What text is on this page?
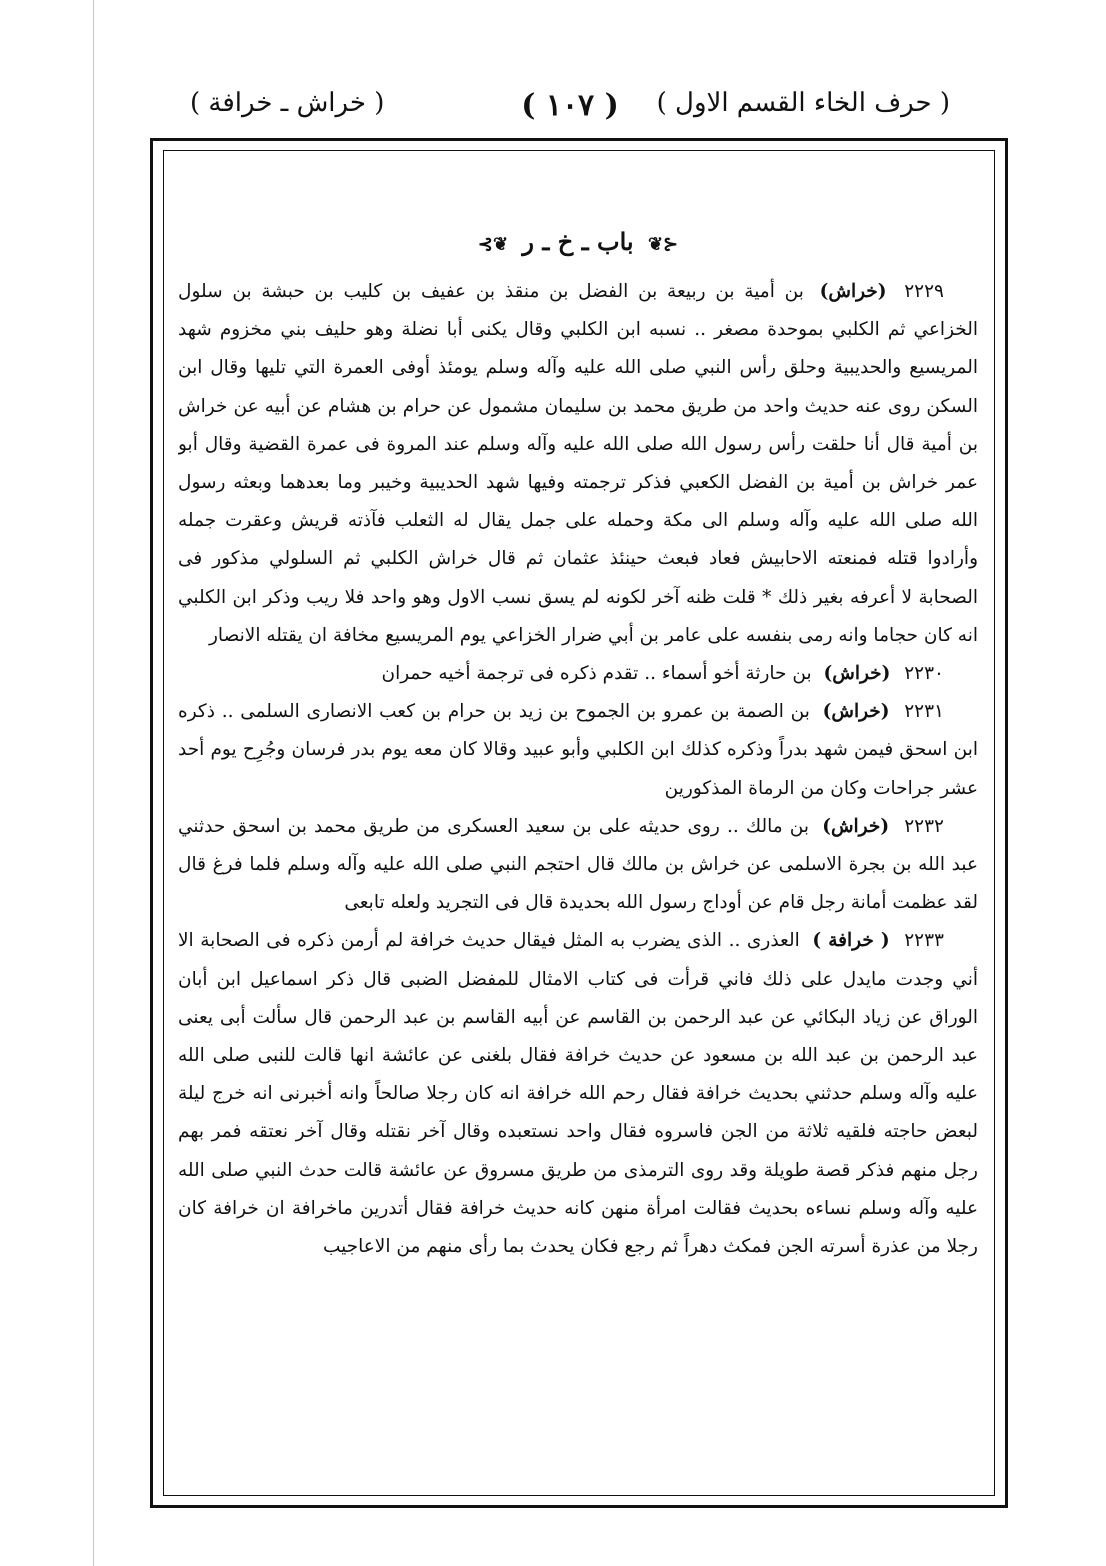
( حرف الخاء القسم الاول )
( ١٠٧ )
( خراش ـ خرافة )
⊰❦ باب ـ خ ـ ر ❦⊱

٢٢٢٩ (خراش) بن أمية بن ربيعة بن الفضل بن منقذ بن عفيف بن كليب بن حبشة بن سلول الخزاعي ثم الكلبي بموحدة مصغر .. نسبه ابن الكلبي وقال يكنى أبا نضلة وهو حليف بني مخزوم شهد المريسيع والحديبية وحلق رأس النبي صلى الله عليه وآله وسلم يومئذ أوفى العمرة التي تليها وقال ابن السكن روى عنه حديث واحد من طريق محمد بن سليمان مشمول عن حرام بن هشام عن أبيه عن خراش بن أمية قال أنا حلقت رأس رسول الله صلى الله عليه وآله وسلم عند المروة فى عمرة القضية وقال أبو عمر خراش بن أمية بن الفضل الكعبي فذكر ترجمته وفيها شهد الحديبية وخيبر وما بعدهما وبعثه رسول الله صلى الله عليه وآله وسلم الى مكة وحمله على جمل يقال له الثعلب فآذته قريش وعقرت جمله وأرادوا قتله فمنعته الاحابيش فعاد فبعث حينئذ عثمان ثم قال خراش الكلبي ثم السلولي مذكور فى الصحابة لا أعرفه بغير ذلك * قلت ظنه آخر لكونه لم يسق نسب الاول وهو واحد فلا ريب وذكر ابن الكلبي انه كان حجاما وانه رمى بنفسه على عامر بن أبي ضرار الخزاعي يوم المريسيع مخافة ان يقتله الانصار

٢٢٣٠ (خراش) بن حارثة أخو أسماء .. تقدم ذكره فى ترجمة أخيه حمران

٢٢٣١ (خراش) بن الصمة بن عمرو بن الجموح بن زيد بن حرام بن كعب الانصارى السلمى .. ذكره ابن اسحق فيمن شهد بدراً وذكره كذلك ابن الكلبي وأبو عبيد وقالا كان معه يوم بدر فرسان وجُرِح يوم أحد عشر جراحات وكان من الرماة المذكورين

٢٢٣٢ (خراش) بن مالك .. روى حديثه على بن سعيد العسكرى من طريق محمد بن اسحق حدثني عبد الله بن بجرة الاسلمى عن خراش بن مالك قال احتجم النبي صلى الله عليه وآله وسلم فلما فرغ قال لقد عظمت أمانة رجل قام عن أوداج رسول الله بحديدة قال فى التجريد ولعله تابعى

٢٢٣٣ ( خرافة ) العذرى .. الذى يضرب به المثل فيقال حديث خرافة لم أرمن ذكره فى الصحابة الا أني وجدت مايدل على ذلك فاني قرأت فى كتاب الامثال للمفضل الضبى قال ذكر اسماعيل ابن أبان الوراق عن زياد البكائي عن عبد الرحمن بن القاسم عن أبيه القاسم بن عبد الرحمن قال سألت أبى يعنى عبد الرحمن بن عبد الله بن مسعود عن حديث خرافة فقال بلغنى عن عائشة انها قالت للنبى صلى الله عليه وآله وسلم حدثني بحديث خرافة فقال رحم الله خرافة انه كان رجلا صالحاً وانه أخبرنى انه خرج ليلة لبعض حاجته فلقيه ثلاثة من الجن فاسروه فقال واحد نستعبده وقال آخر نقتله وقال آخر نعتقه فمر بهم رجل منهم فذكر قصة طويلة وقد روى الترمذى من طريق مسروق عن عائشة قالت حدث النبي صلى الله عليه وآله وسلم نساءه بحديث فقالت امرأة منهن كانه حديث خرافة فقال أتدرين ماخرافة ان خرافة كان رجلا من عذرة أسرته الجن فمكث دهراً ثم رجع فكان يحدث بما رأى منهم من الاعاجيب
